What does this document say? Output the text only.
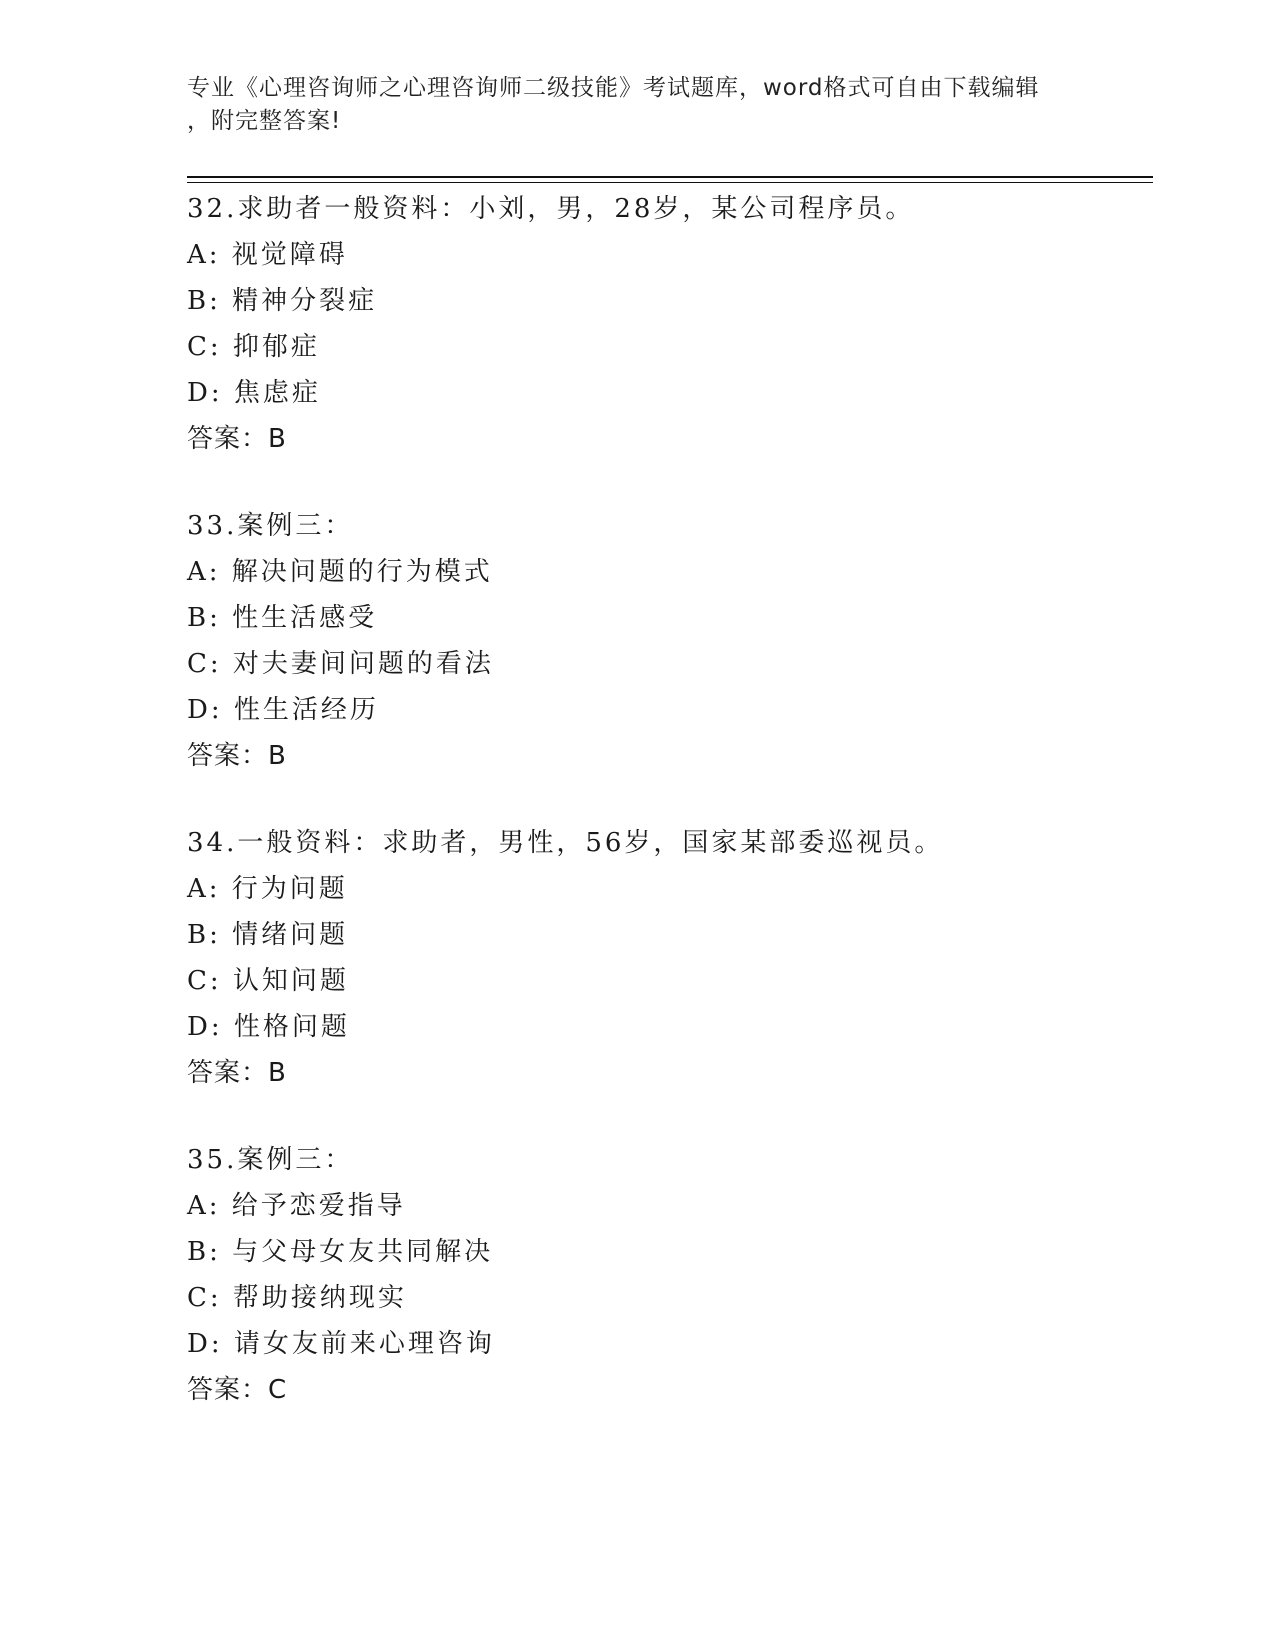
专业《心理咨询师之心理咨询师二级技能》考试题库，word格式可自由下载编辑
，附完整答案!
32.求助者一般资料：小刘，男，28岁，某公司程序员。
A: 视觉障碍
B: 精神分裂症
C: 抑郁症
D: 焦虑症
答案：B
33.案例三：
A: 解决问题的行为模式
B: 性生活感受
C: 对夫妻间问题的看法
D: 性生活经历
答案：B
34.一般资料：求助者，男性，56岁，国家某部委巡视员。
A: 行为问题
B: 情绪问题
C: 认知问题
D: 性格问题
答案：B
35.案例三：
A: 给予恋爱指导
B: 与父母女友共同解决
C: 帮助接纳现实
D: 请女友前来心理咨询
答案：C
